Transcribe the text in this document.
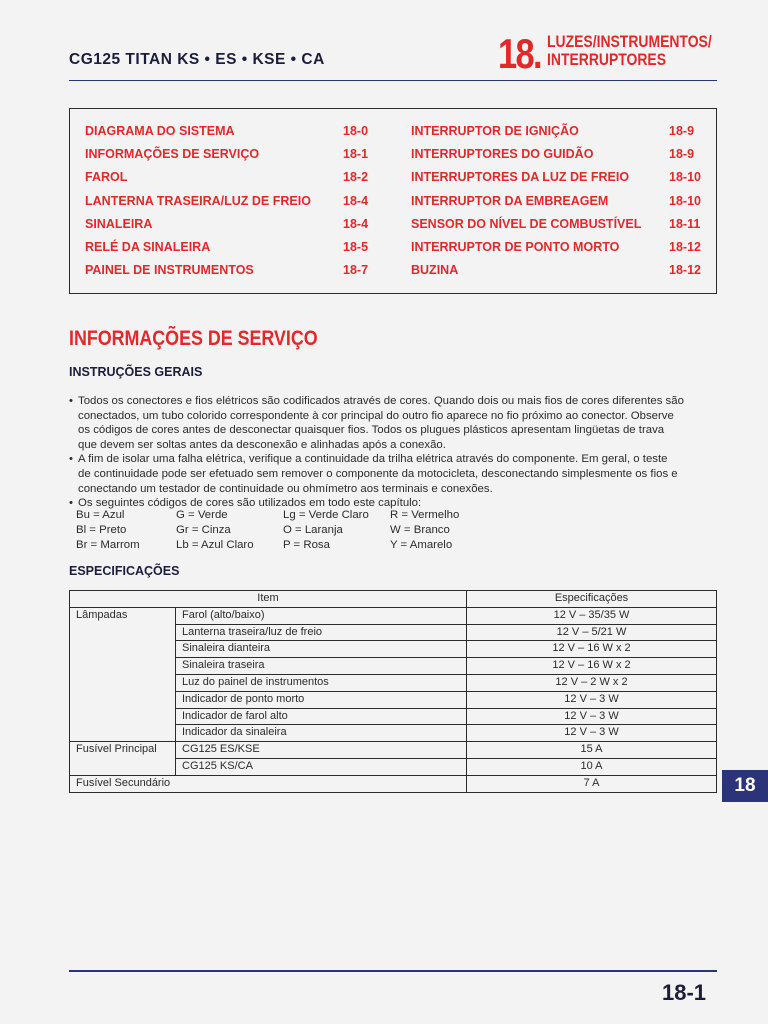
CG125 TITAN KS • ES • KSE • CA	18. LUZES/INSTRUMENTOS/
INTERRUPTORES
DIAGRAMA DO SISTEMA	18-0
INFORMAÇÕES DE SERVIÇO	18-1
FAROL	18-2
LANTERNA TRASEIRA/LUZ DE FREIO	18-4
SINALEIRA	18-4
RELÉ DA SINALEIRA	18-5
PAINEL DE INSTRUMENTOS	18-7
INTERRUPTOR DE IGNIÇÃO	18-9
INTERRUPTORES DO GUIDÃO	18-9
INTERRUPTORES DA LUZ DE FREIO	18-10
INTERRUPTOR DA EMBREAGEM	18-10
SENSOR DO NÍVEL DE COMBUSTÍVEL 18-11
INTERRUPTOR DE PONTO MORTO	18-12
BUZINA	18-12
INFORMAÇÕES DE SERVIÇO
INSTRUÇÕES GERAIS
• Todos os conectores e fios elétricos são codificados através de cores. Quando dois ou mais fios de cores diferentes são
conectados, um tubo colorido correspondente à cor principal do outro fio aparece no fio próximo ao conector. Observe
os códigos de cores antes de desconectar quaisquer fios. Todos os plugues plásticos apresentam lingüetas de trava
que devem ser soltas antes da desconexão e alinhadas após a conexão.
• A fim de isolar uma falha elétrica, verifique a continuidade da trilha elétrica através do componente. Em geral, o teste
de continuidade pode ser efetuado sem remover o componente da motocicleta, desconectando simplesmente os fios e
conectando um testador de continuidade ou ohmímetro aos terminais e conexões.
• Os seguintes códigos de cores são utilizados em todo este capítulo:
Bu = Azul	G = Verde	Lg = Verde Claro R = Vermelho
Bl = Preto	Gr = Cinza	O = Laranja	W = Branco
Br = Marrom	Lb = Azul Claro	P = Rosa	Y = Amarelo
ESPECIFICAÇÕES
Item		Especificações
Lâmpadas	Farol (alto/baixo)	12 V – 35/35 W
	Lanterna traseira/luz de freio	12 V – 5/21 W
	Sinaleira dianteira	12 V – 16 W x 2
	Sinaleira traseira	12 V – 16 W x 2
	Luz do painel de instrumentos	12 V – 2 W x 2
	Indicador de ponto morto	12 V – 3 W
	Indicador de farol alto	12 V – 3 W
	Indicador da sinaleira	12 V – 3 W
Fusível Principal	CG125 ES/KSE	15 A
	CG125 KS/CA	10 A
Fusível Secundário		7 A	18
18-1
